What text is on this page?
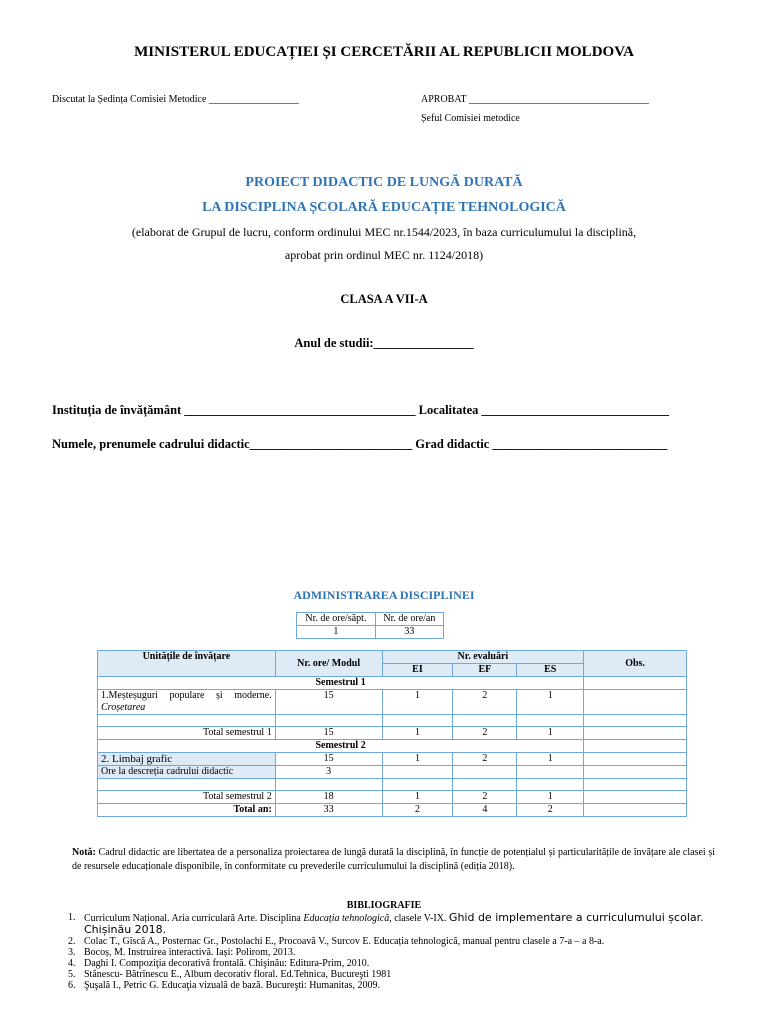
MINISTERUL EDUCAȚIEI ȘI CERCETĂRII AL REPUBLICII MOLDOVA
Discutat la Ședința Comisiei Metodice __________________	APROBAT ____________________________________
Șeful Comisiei metodice
PROIECT DIDACTIC DE LUNGĂ DURATĂ
LA DISCIPLINA ȘCOLARĂ EDUCAȚIE TEHNOLOGICĂ
(elaborat de Grupul de lucru, conform ordinului MEC nr.1544/2023, în baza curriculumului la disciplină,
aprobat prin ordinul MEC nr. 1124/2018)
CLASA A VII-A
Anul de studii:________________
Instituția de învățământ _____________________________________ Localitatea ______________________________
Numele, prenumele cadrului didactic__________________________ Grad didactic ____________________________
ADMINISTRAREA DISCIPLINEI
Nr. de ore/săpt.	Nr. de ore/an
1	33
Unitățile de învățare	Nr. ore/ Modul	Nr. evaluări			Obs.
		EI	EF	ES	
Semestrul 1					

1.Meșteșuguri populare și moderne.
Croșetarea	15	1	2	1	

Total semestrul 1	15	1	2	1	
Semestrul 2					
2. Limbaj grafic	15	1	2	1	
Ore la descreția cadrului didactic	3				

Total semestrul 2	18	1	2	1	
Total an:	33	2	4	2	
Notă: Cadrul didactic are libertatea de a personaliza proiectarea de lungă durată la disciplină, în funcție de potențialul și particularitățile de învățare ale clasei și de resursele educaționale disponibile, în conformitate cu prevederile curriculumului la disciplină (ediția 2018).
BIBLIOGRAFIE
1. Curriculum Național. Aria curriculară Arte. Disciplina Educația tehnologică, clasele V-IX. Ghid de implementare a curriculumului școlar. Chișinău 2018.
2. Colac T., Gîscă A., Posternac Gr., Postolachi E., Procoavă V., Surcov E. Educația tehnologică, manual pentru clasele a 7-a – a 8-a.
3. Bocoș, M. Instruirea interactivă. Iași: Polirom, 2013.
4. Daghi I. Compoziţia decorativă frontală. Chişinău: Editura-Prim, 2010.
5. Stănescu- Bătrînescu E., Album decorativ floral. Ed.Tehnica, Bucureşti 1981
6. Şuşală I., Petric G. Educaţia vizuală de bază. Bucureşti: Humanitas, 2009.
